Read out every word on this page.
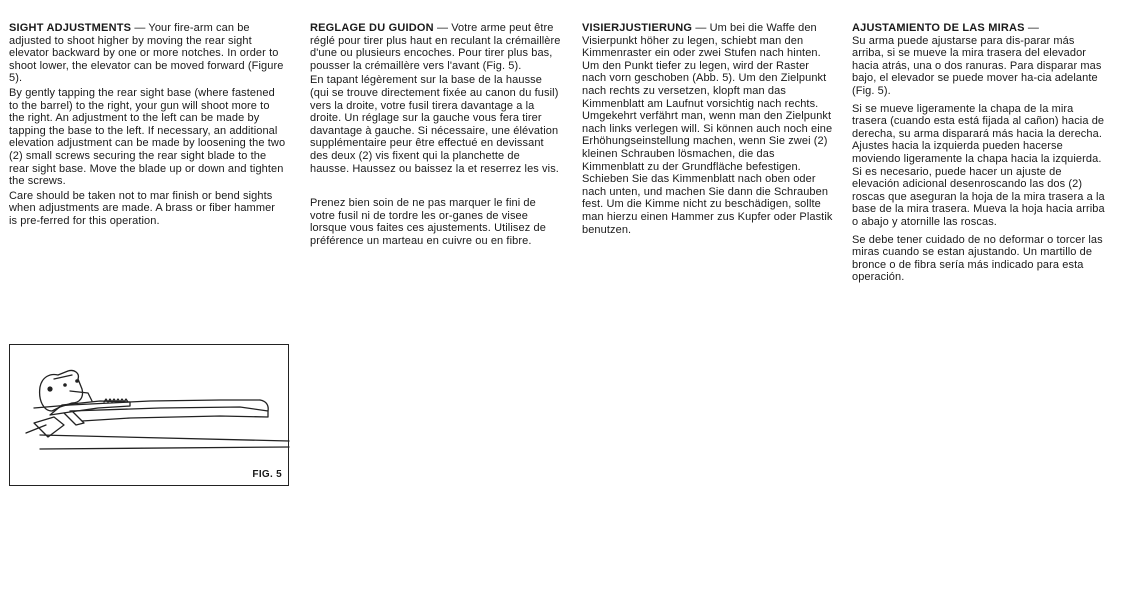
SIGHT ADJUSTMENTS — Your fire-arm can be adjusted to shoot higher by moving the rear sight elevator backward by one or more notches. In order to shoot lower, the elevator can be moved forward (Figure 5).

By gently tapping the rear sight base (where fastened to the barrel) to the right, your gun will shoot more to the right. An adjustment to the left can be made by tapping the base to the left. If necessary, an additional elevation adjustment can be made by loosening the two (2) small screws securing the rear sight blade to the rear sight base. Move the blade up or down and tighten the screws.

Care should be taken not to mar finish or bend sights when adjustments are made. A brass or fiber hammer is pre-ferred for this operation.

FIG. 5

REGLAGE DU GUIDON — Votre arme peut être réglé pour tirer plus haut en reculant la crémaillère d'une ou plusieurs encoches. Pour tirer plus bas, pousser la crémaillère vers l'avant (Fig. 5).

En tapant légèrement sur la base de la hausse (qui se trouve directement fixée au canon du fusil) vers la droite, votre fusil tirera davantage a la droite. Un réglage sur la gauche vous fera tirer davantage à gauche. Si nécessaire, une élévation supplémentaire peur être effectué en devissant des deux (2) vis fixent qui la planchette de hausse. Haussez ou baissez la et reserrez les vis.

Prenez bien soin de ne pas marquer le fini de votre fusil ni de tordre les or-ganes de visee lorsque vous faites ces ajustements. Utilisez de préférence un marteau en cuivre ou en fibre.

VISIERJUSTIERUNG — Um bei die Waffe den Visierpunkt höher zu legen, schiebt man den Kimmenraster ein oder zwei Stufen nach hinten. Um den Punkt tiefer zu legen, wird der Raster nach vorn geschoben (Abb. 5). Um den Zielpunkt nach rechts zu versetzen, klopft man das Kimmenblatt am Laufnut vorsichtig nach rechts. Umgekehrt verfährt man, wenn man den Zielpunkt nach links verlegen will. Si können auch noch eine Erhöhungseinstellung machen, wenn Sie zwei (2) kleinen Schrauben lösmachen, die das Kimmenblatt zu der Grundfläche befestigen. Schieben Sie das Kimmenblatt nach oben oder nach unten, und machen Sie dann die Schrauben fest. Um die Kimme nicht zu beschädigen, sollte man hierzu einen Hammer zus Kupfer oder Plastik benutzen.

AJUSTAMIENTO DE LAS MIRAS —

Su arma puede ajustarse para dis-parar más arriba, si se mueve la mira trasera del elevador hacia atrás, una o dos ranuras. Para disparar mas bajo, el elevador se puede mover ha-cia adelante (Fig. 5).

Si se mueve ligeramente la chapa de la mira trasera (cuando esta está fijada al cañon) hacia de derecha, su arma disparará más hacia la derecha. Ajustes hacia la izquierda pueden hacerse moviendo ligeramente la chapa hacia la izquierda. Si es necesario, puede hacer un ajuste de elevación adicional desenroscando las dos (2) roscas que aseguran la hoja de la mira trasera a la base de la mira trasera. Mueva la hoja hacia arriba o abajo y atornille las roscas.

Se debe tener cuidado de no deformar o torcer las miras cuando se estan ajustando. Un martillo de bronce o de fibra sería más indicado para esta operación.
